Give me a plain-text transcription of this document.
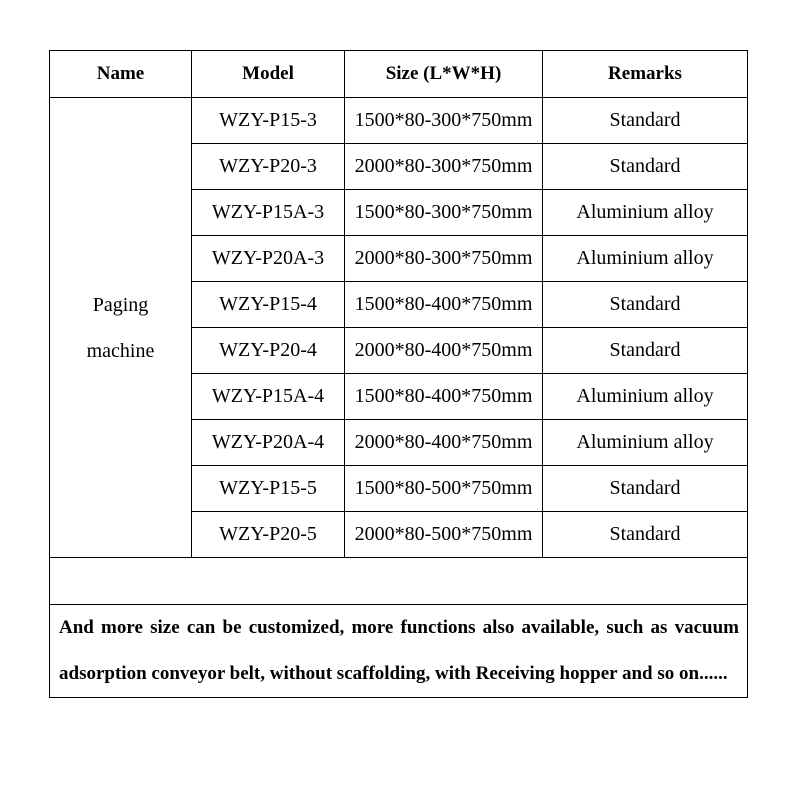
Name	Model	Size (L*W*H)	Remarks
Paging
machine	WZY-P15-3	1500*80-300*750mm	Standard
	WZY-P20-3	2000*80-300*750mm	Standard
	WZY-P15A-3	1500*80-300*750mm	Aluminium alloy
	WZY-P20A-3	2000*80-300*750mm	Aluminium alloy
	WZY-P15-4	1500*80-400*750mm	Standard
	WZY-P20-4	2000*80-400*750mm	Standard
	WZY-P15A-4	1500*80-400*750mm	Aluminium alloy
	WZY-P20A-4	2000*80-400*750mm	Aluminium alloy
	WZY-P15-5	1500*80-500*750mm	Standard
	WZY-P20-5	2000*80-500*750mm	Standard

And more size can be customized, more functions also available, such as vacuum adsorption conveyor belt, without scaffolding, with Receiving hopper and so on......			
